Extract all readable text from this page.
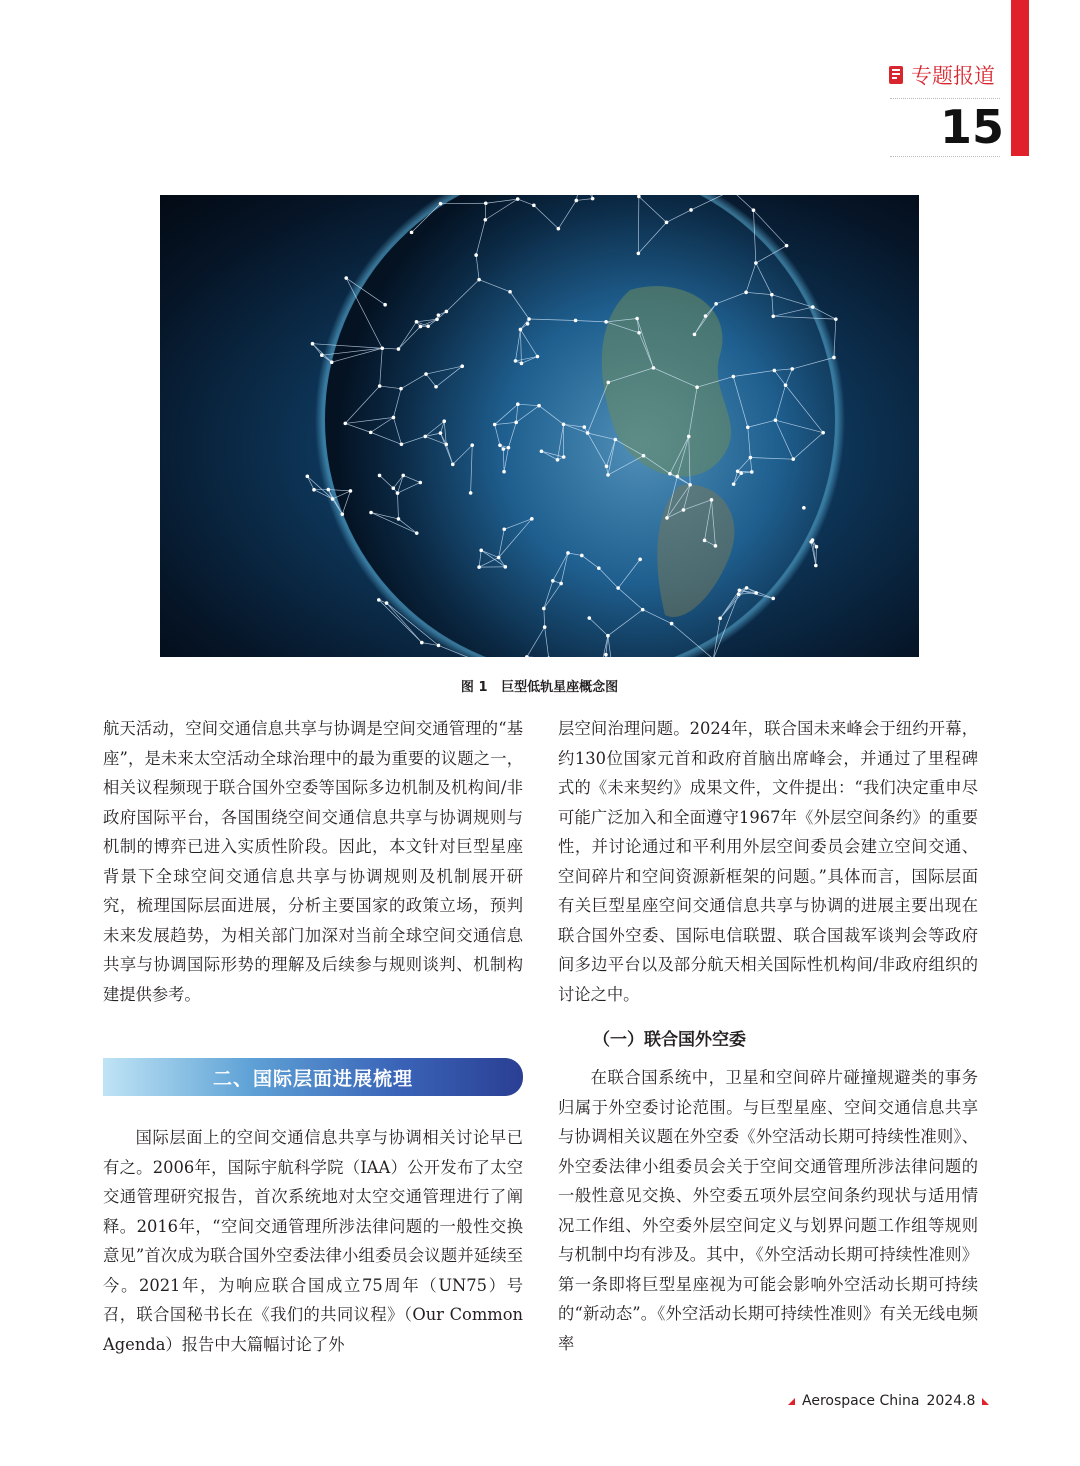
专题报道
15
图 1   巨型低轨星座概念图

航天活动，空间交通信息共享与协调是空间交通管理的“基座”，是未来太空活动全球治理中的最为重要的议题之一，相关议程频现于联合国外空委等国际多边机制及机构间/非政府国际平台，各国围绕空间交通信息共享与协调规则与机制的博弈已进入实质性阶段。因此，本文针对巨型星座背景下全球空间交通信息共享与协调规则及机制展开研究，梳理国际层面进展，分析主要国家的政策立场，预判未来发展趋势，为相关部门加深对当前全球空间交通信息共享与协调国际形势的理解及后续参与规则谈判、机制构建提供参考。

二、国际层面进展梳理

国际层面上的空间交通信息共享与协调相关讨论早已有之。2006年，国际宇航科学院（IAA）公开发布了太空交通管理研究报告，首次系统地对太空交通管理进行了阐释。2016年，“空间交通管理所涉法律问题的一般性交换意见”首次成为联合国外空委法律小组委员会议题并延续至今。2021年，为响应联合国成立75周年（UN75）号召，联合国秘书长在《我们的共同议程》（Our Common Agenda）报告中大篇幅讨论了外

层空间治理问题。2024年，联合国未来峰会于纽约开幕，约130位国家元首和政府首脑出席峰会，并通过了里程碑式的《未来契约》成果文件，文件提出：“我们决定重申尽可能广泛加入和全面遵守1967年《外层空间条约》的重要性，并讨论通过和平利用外层空间委员会建立空间交通、空间碎片和空间资源新框架的问题。”具体而言，国际层面有关巨型星座空间交通信息共享与协调的进展主要出现在联合国外空委、国际电信联盟、联合国裁军谈判会等政府间多边平台以及部分航天相关国际性机构间/非政府组织的讨论之中。

（一）联合国外空委

在联合国系统中，卫星和空间碎片碰撞规避类的事务归属于外空委讨论范围。与巨型星座、空间交通信息共享与协调相关议题在外空委《外空活动长期可持续性准则》、外空委法律小组委员会关于空间交通管理所涉法律问题的一般性意见交换、外空委五项外层空间条约现状与适用情况工作组、外空委外层空间定义与划界问题工作组等规则与机制中均有涉及。其中，《外空活动长期可持续性准则》第一条即将巨型星座视为可能会影响外空活动长期可持续的“新动态”。《外空活动长期可持续性准则》有关无线电频率

Aerospace China 2024.8
